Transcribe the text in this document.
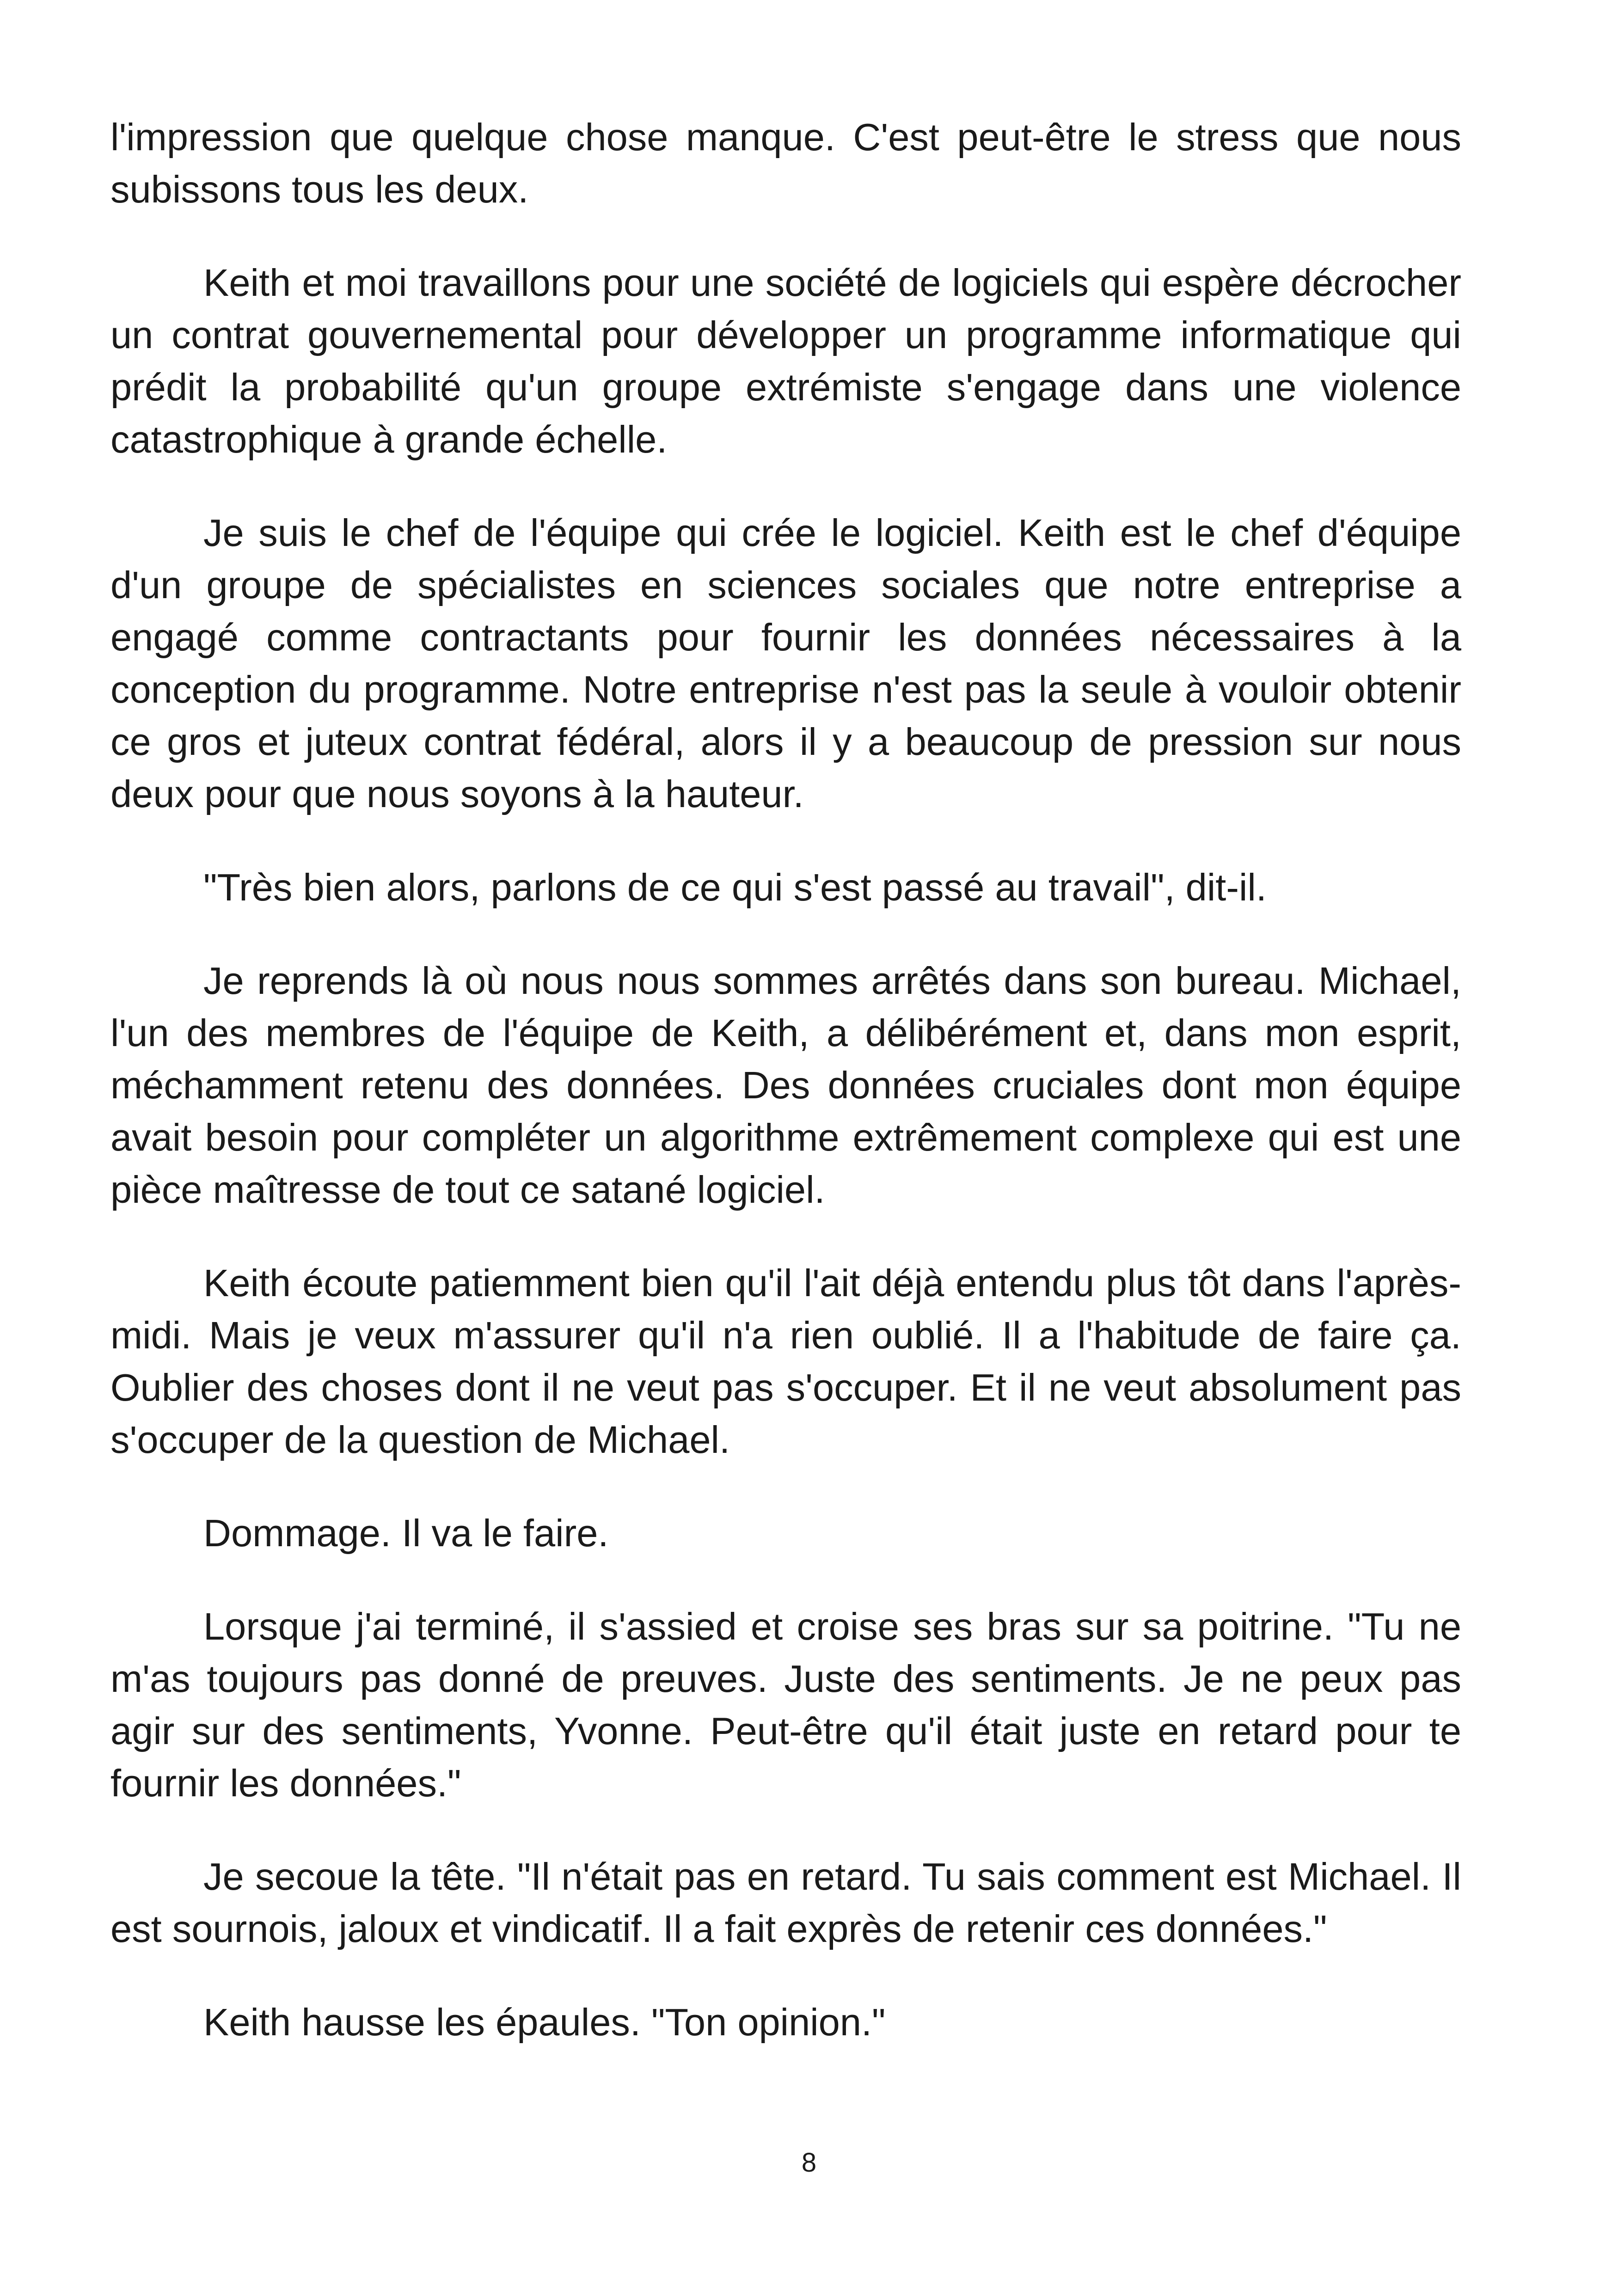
l'impression que quelque chose manque. C'est peut-être le stress que nous subissons tous les deux.

Keith et moi travaillons pour une société de logiciels qui espère décrocher un contrat gouvernemental pour développer un programme informatique qui prédit la probabilité qu'un groupe extrémiste s'engage dans une violence catastrophique à grande échelle.

Je suis le chef de l'équipe qui crée le logiciel. Keith est le chef d'équipe d'un groupe de spécialistes en sciences sociales que notre entreprise a engagé comme contractants pour fournir les données nécessaires à la conception du programme. Notre entreprise n'est pas la seule à vouloir obtenir ce gros et juteux contrat fédéral, alors il y a beaucoup de pression sur nous deux pour que nous soyons à la hauteur.

"Très bien alors, parlons de ce qui s'est passé au travail", dit-il.

Je reprends là où nous nous sommes arrêtés dans son bureau. Michael, l'un des membres de l'équipe de Keith, a délibérément et, dans mon esprit, méchamment retenu des données. Des données cruciales dont mon équipe avait besoin pour compléter un algorithme extrêmement complexe qui est une pièce maîtresse de tout ce satané logiciel.

Keith écoute patiemment bien qu'il l'ait déjà entendu plus tôt dans l'après-midi. Mais je veux m'assurer qu'il n'a rien oublié. Il a l'habitude de faire ça. Oublier des choses dont il ne veut pas s'occuper. Et il ne veut absolument pas s'occuper de la question de Michael.

Dommage. Il va le faire.

Lorsque j'ai terminé, il s'assied et croise ses bras sur sa poitrine. "Tu ne m'as toujours pas donné de preuves. Juste des sentiments. Je ne peux pas agir sur des sentiments, Yvonne. Peut-être qu'il était juste en retard pour te fournir les données."

Je secoue la tête. "Il n'était pas en retard. Tu sais comment est Michael. Il est sournois, jaloux et vindicatif. Il a fait exprès de retenir ces données."

Keith hausse les épaules. "Ton opinion."

8
